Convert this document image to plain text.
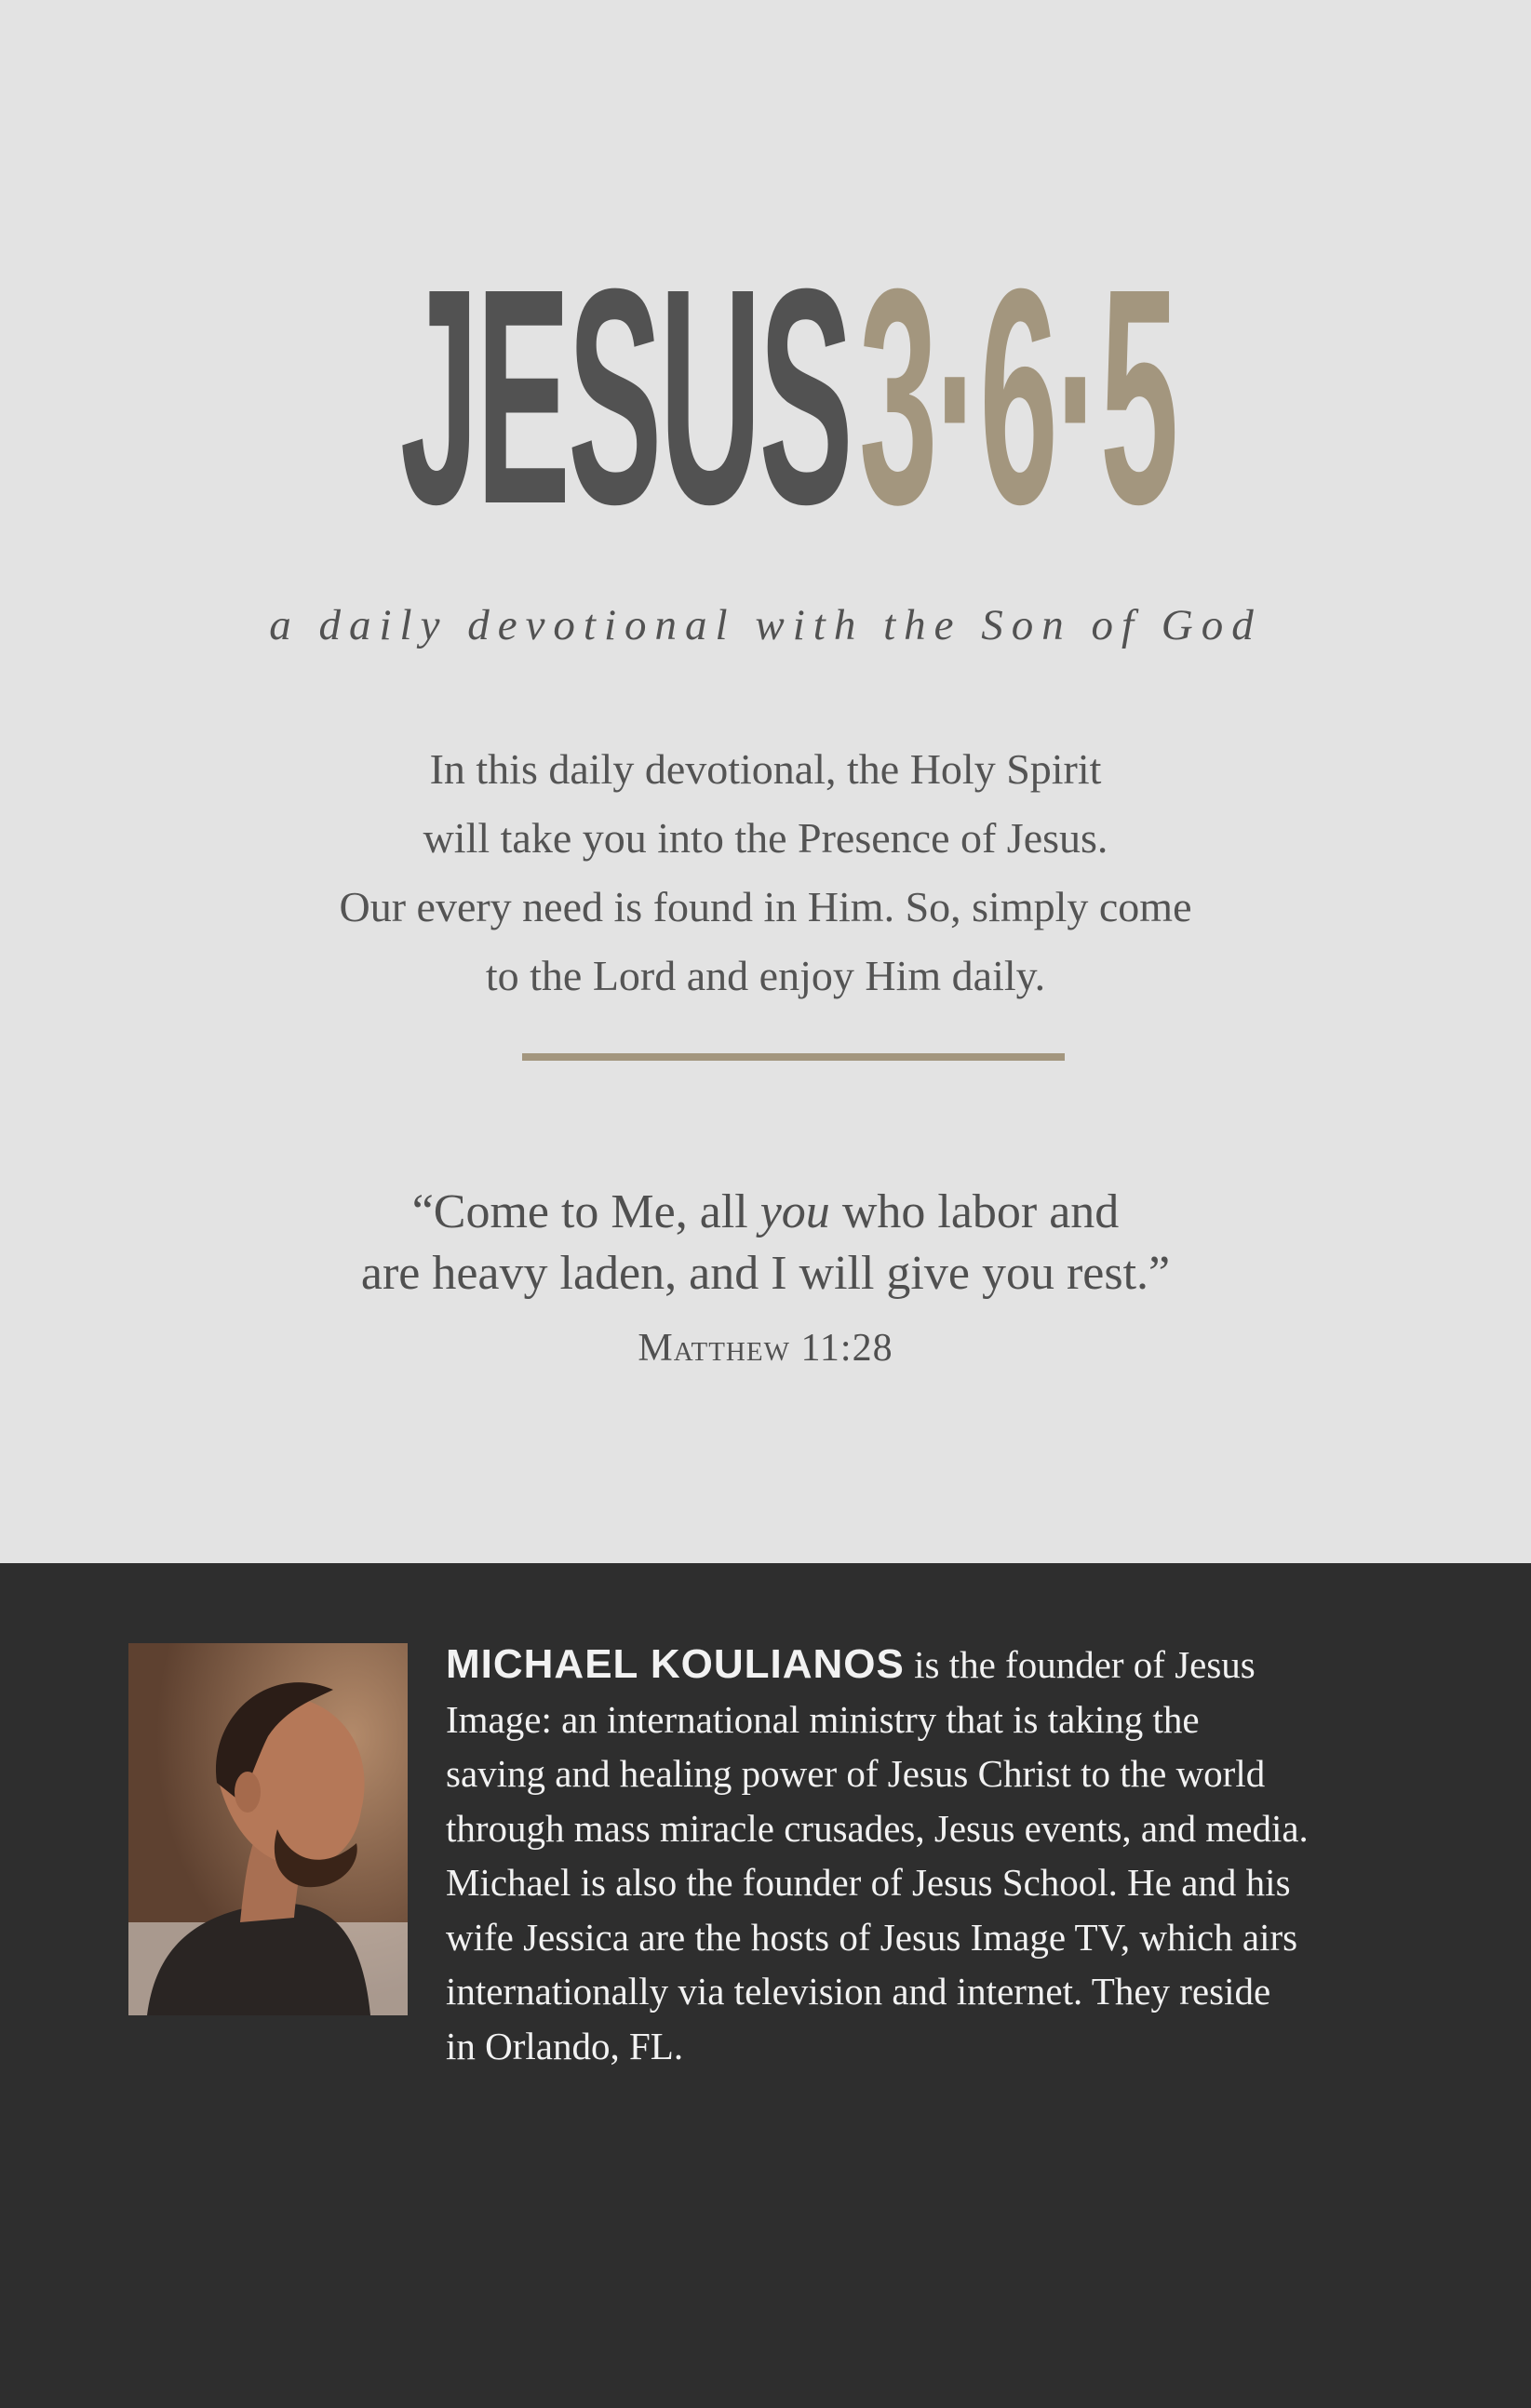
JESUS 3·6·5
a daily devotional with the Son of God
In this daily devotional, the Holy Spirit
will take you into the Presence of Jesus.
Our every need is found in Him. So, simply come
to the Lord and enjoy Him daily.
“Come to Me, all you who labor and
are heavy laden, and I will give you rest.”
Matthew 11:28
MICHAEL KOULIANOS is the founder of Jesus
Image: an international ministry that is taking the
saving and healing power of Jesus Christ to the world
through mass miracle crusades, Jesus events, and media.
Michael is also the founder of Jesus School. He and his
wife Jessica are the hosts of Jesus Image TV, which airs
internationally via television and internet. They reside
in Orlando, FL.
